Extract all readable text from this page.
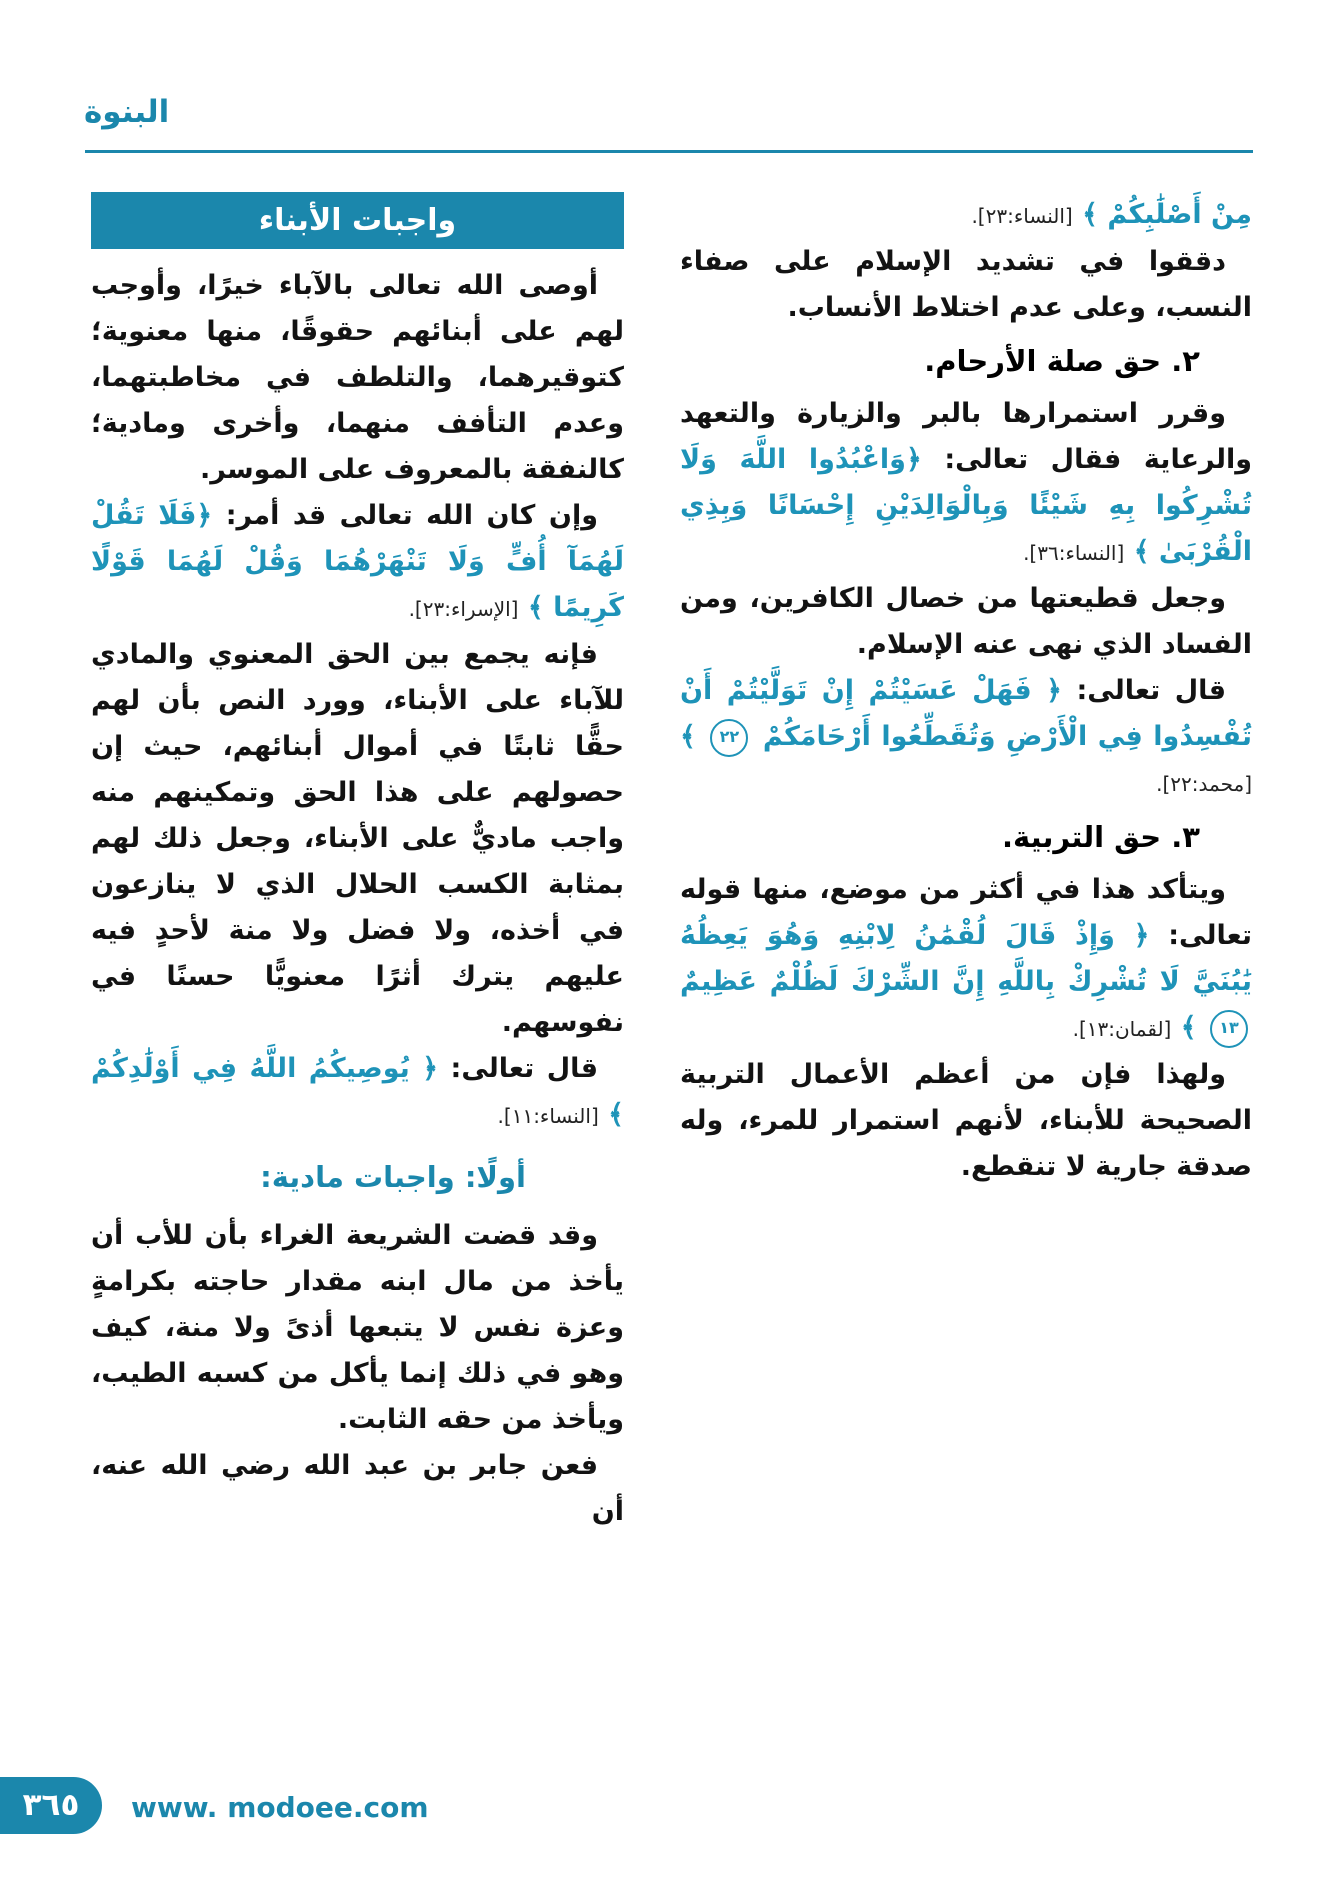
البنوة

مِنْ أَصْلَٰبِكُمْ ﴾ [النساء:٢٣].

دققوا في تشديد الإسلام على صفاء النسب، وعلى عدم اختلاط الأنساب.

٢. حق صلة الأرحام.

وقرر استمرارها بالبر والزيارة والتعهد والرعاية فقال تعالى: ﴿وَاعْبُدُوا اللَّهَ وَلَا تُشْرِكُوا بِهِ شَيْئًا وَبِالْوَالِدَيْنِ إِحْسَانًا وَبِذِي الْقُرْبَىٰ ﴾ [النساء:٣٦].

وجعل قطيعتها من خصال الكافرين، ومن الفساد الذي نهى عنه الإسلام.

قال تعالى: ﴿ فَهَلْ عَسَيْتُمْ إِنْ تَوَلَّيْتُمْ أَنْ تُفْسِدُوا فِي الْأَرْضِ وَتُقَطِّعُوا أَرْحَامَكُمْ ٢٢ ﴾ [محمد:٢٢].

٣. حق التربية.

ويتأكد هذا في أكثر من موضع، منها قوله تعالى: ﴿ وَإِذْ قَالَ لُقْمَٰنُ لِابْنِهِ وَهُوَ يَعِظُهُ يَٰبُنَيَّ لَا تُشْرِكْ بِاللَّهِ إِنَّ الشِّرْكَ لَظُلْمٌ عَظِيمٌ ١٣ ﴾ [لقمان:١٣].

ولهذا فإن من أعظم الأعمال التربية الصحيحة للأبناء، لأنهم استمرار للمرء، وله صدقة جارية لا تنقطع.

واجبات الأبناء

أوصى الله تعالى بالآباء خيرًا، وأوجب لهم على أبنائهم حقوقًا، منها معنوية؛ كتوقيرهما، والتلطف في مخاطبتهما، وعدم التأفف منهما، وأخرى ومادية؛ كالنفقة بالمعروف على الموسر.

وإن كان الله تعالى قد أمر: ﴿فَلَا تَقُلْ لَهُمَآ أُفٍّ وَلَا تَنْهَرْهُمَا وَقُلْ لَهُمَا قَوْلًا كَرِيمًا ﴾ [الإسراء:٢٣].

فإنه يجمع بين الحق المعنوي والمادي للآباء على الأبناء، وورد النص بأن لهم حقًّا ثابتًا في أموال أبنائهم، حيث إن حصولهم على هذا الحق وتمكينهم منه واجب ماديٌّ على الأبناء، وجعل ذلك لهم بمثابة الكسب الحلال الذي لا ينازعون في أخذه، ولا فضل ولا منة لأحدٍ فيه عليهم يترك أثرًا معنويًّا حسنًا في نفوسهم.

قال تعالى: ﴿ يُوصِيكُمُ اللَّهُ فِي أَوْلَٰدِكُمْ ﴾ [النساء:١١].

أولًا: واجبات مادية:

وقد قضت الشريعة الغراء بأن للأب أن يأخذ من مال ابنه مقدار حاجته بكرامةٍ وعزة نفس لا يتبعها أذىً ولا منة، كيف وهو في ذلك إنما يأكل من كسبه الطيب، ويأخذ من حقه الثابت.

فعن جابر بن عبد الله رضي الله عنه، أن

٣٦٥	www. modoee.com
